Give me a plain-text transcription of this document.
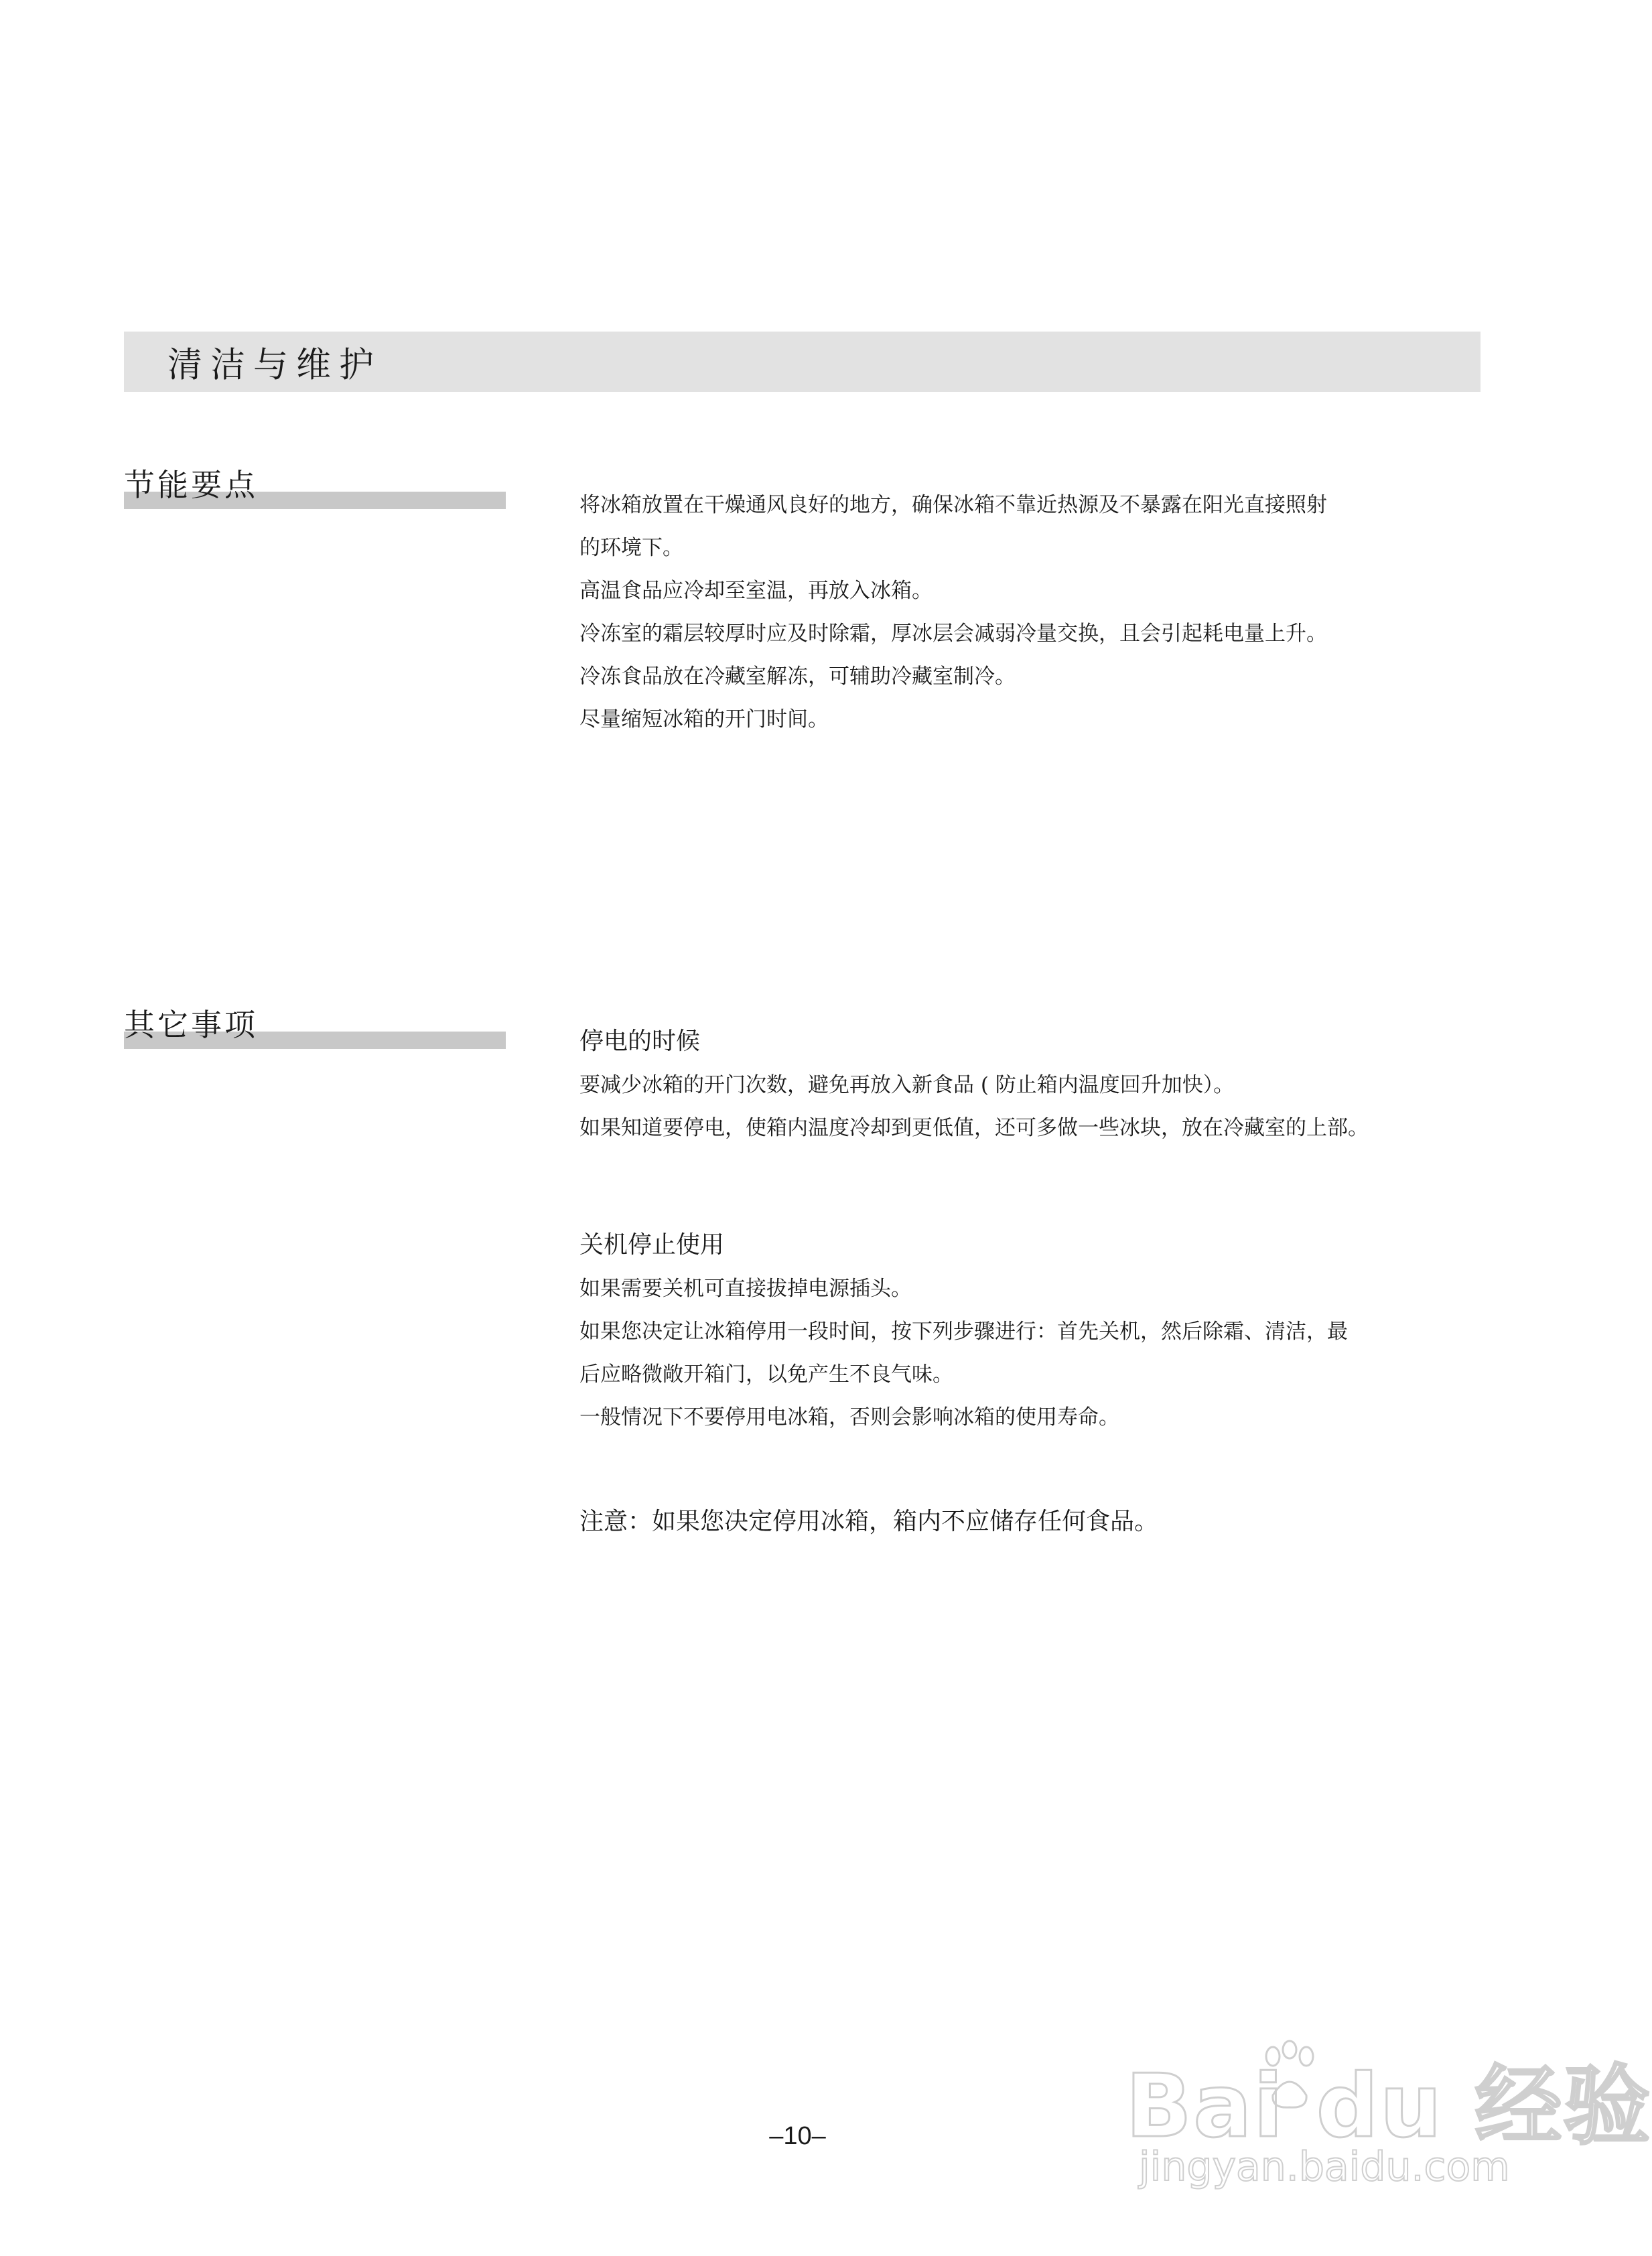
清洁与维护
节能要点

将冰箱放置在干燥通风良好的地方，确保冰箱不靠近热源及不暴露在阳光直接照射

的环境下。

高温食品应冷却至室温，再放入冰箱。

冷冻室的霜层较厚时应及时除霜，厚冰层会减弱冷量交换，且会引起耗电量上升。

冷冻食品放在冷藏室解冻，可辅助冷藏室制冷。

尽量缩短冰箱的开门时间。

其它事项	停电的时候

要减少冰箱的开门次数，避免再放入新食品 ( 防止箱内温度回升加快）。

如果知道要停电，使箱内温度冷却到更低值，还可多做一些冰块，放在冷藏室的上部。

关机停止使用

如果需要关机可直接拔掉电源插头。

如果您决定让冰箱停用一段时间，按下列步骤进行：首先关机，然后除霜、清洁，最

后应略微敞开箱门，以免产生不良气味。

一般情况下不要停用电冰箱，否则会影响冰箱的使用寿命。

注意：如果您决定停用冰箱，箱内不应储存任何食品。
–10–	Bai du 经验
jingyan.baidu.com
